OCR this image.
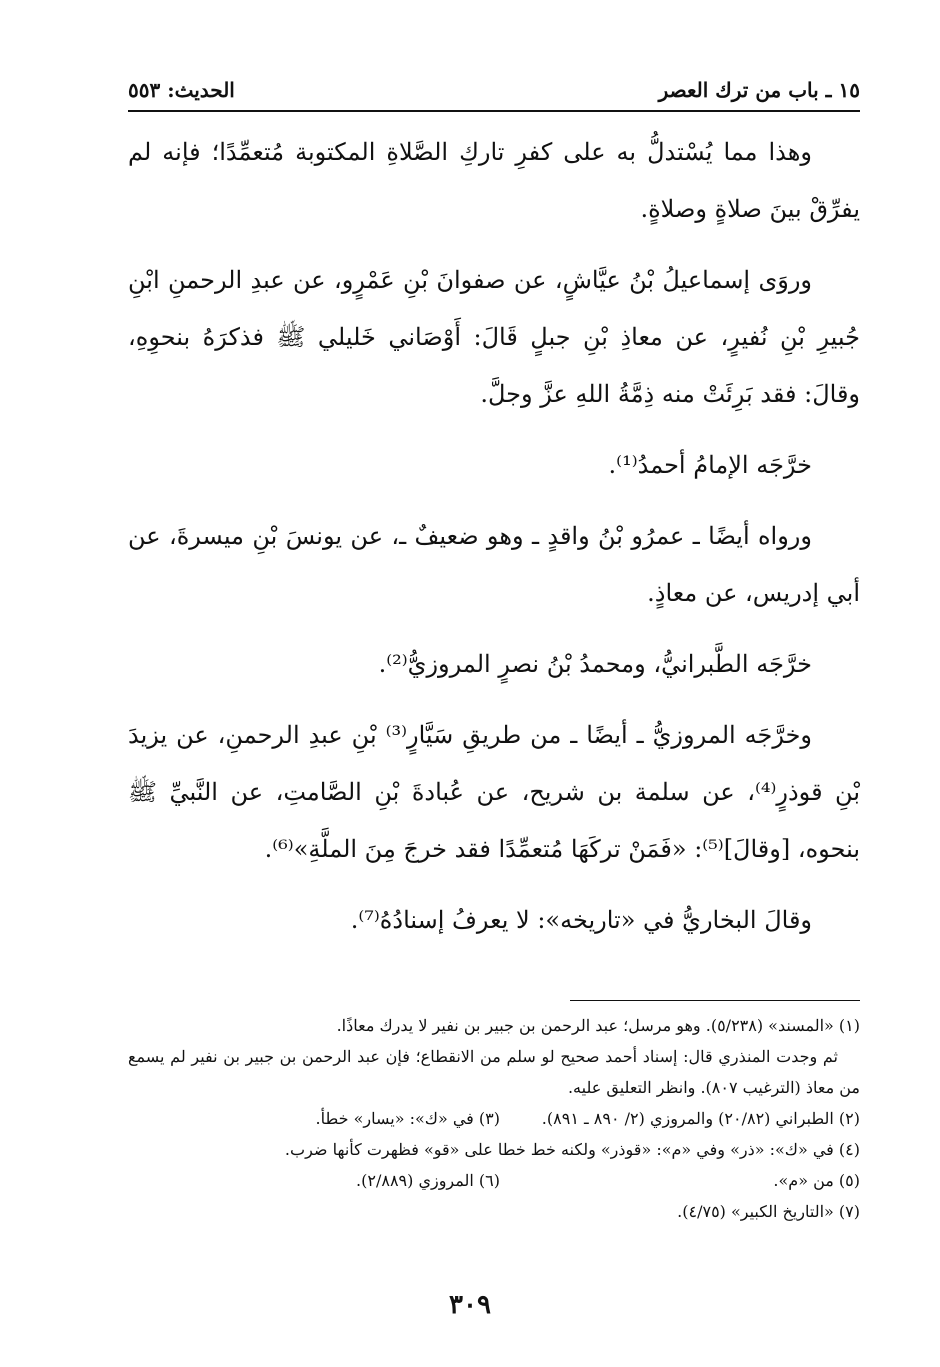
١٥ ـ باب من ترك العصر
الحديث: ٥٥٣

وهذا مما يُسْتدلُّ به على كفرِ تاركِ الصَّلاةِ المكتوبة مُتعمِّدًا؛ فإنه لم يفرِّقْ بينَ صلاةٍ وصلاةٍ.

وروَى إسماعيلُ بْنُ عيَّاشٍ، عن صفوانَ بْنِ عَمْرٍو، عن عبدِ الرحمنِ ابْنِ جُبيرِ بْنِ نُفيرٍ، عن معاذِ بْنِ جبلٍ قَالَ: أَوْصَاني خَليلي ﷺ فذكرَهُ بنحوِهِ، وقالَ: فقد بَرِئَتْ منه ذِمَّةُ اللهِ عزَّ وجلَّ.

خرَّجَه الإمامُ أحمدُ⁽¹⁾.

ورواه أيضًا ـ عمرُو بْنُ واقدٍ ـ وهو ضعيفٌ ـ، عن يونسَ بْنِ ميسرةَ، عن أبي إدريس، عن معاذٍ.

خرَّجَه الطَّبرانيُّ، ومحمدُ بْنُ نصرٍ المروزيُّ⁽²⁾.

وخرَّجَه المروزيُّ ـ أيضًا ـ من طريقِ سَيَّارٍ⁽³⁾ بْنِ عبدِ الرحمنِ، عن يزيدَ بْنِ قوذرٍ⁽⁴⁾، عن سلمة بن شريح، عن عُبادةَ بْنِ الصَّامتِ، عن النَّبيِّ ﷺ بنحوه، [وقالَ]⁽⁵⁾: «فَمَنْ تركَهَا مُتعمِّدًا فقد خرجَ مِنَ الملَّةِ»⁽⁶⁾.

وقالَ البخاريُّ في «تاريخه»: لا يعرفُ إسنادُهُ⁽⁷⁾.

(١) «المسند» (٥/٢٣٨). وهو مرسل؛ عبد الرحمن بن جبير بن نفير لا يدرك معاذًا.

ثم وجدت المنذري قال: إسناد أحمد صحيح لو سلم من الانقطاع؛ فإن عبد الرحمن بن جبير بن نفير لم يسمع من معاذ (الترغيب ٨٠٧). وانظر التعليق عليه.

(٢) الطبراني (٢٠/٨٢) والمروزي (٢/ ٨٩٠ ـ ٨٩١).
(٣) في «ك»: «يسار» خطأ.

(٤) في «ك»: «ذر» وفي «م»: «قوذر» ولكنه خط خطا على «قو» فظهرت كأنها ضرب.

(٥) من «م».
(٦) المروزي (٢/٨٨٩).

(٧) «التاريخ الكبير» (٤/٧٥).

٣٠٩
